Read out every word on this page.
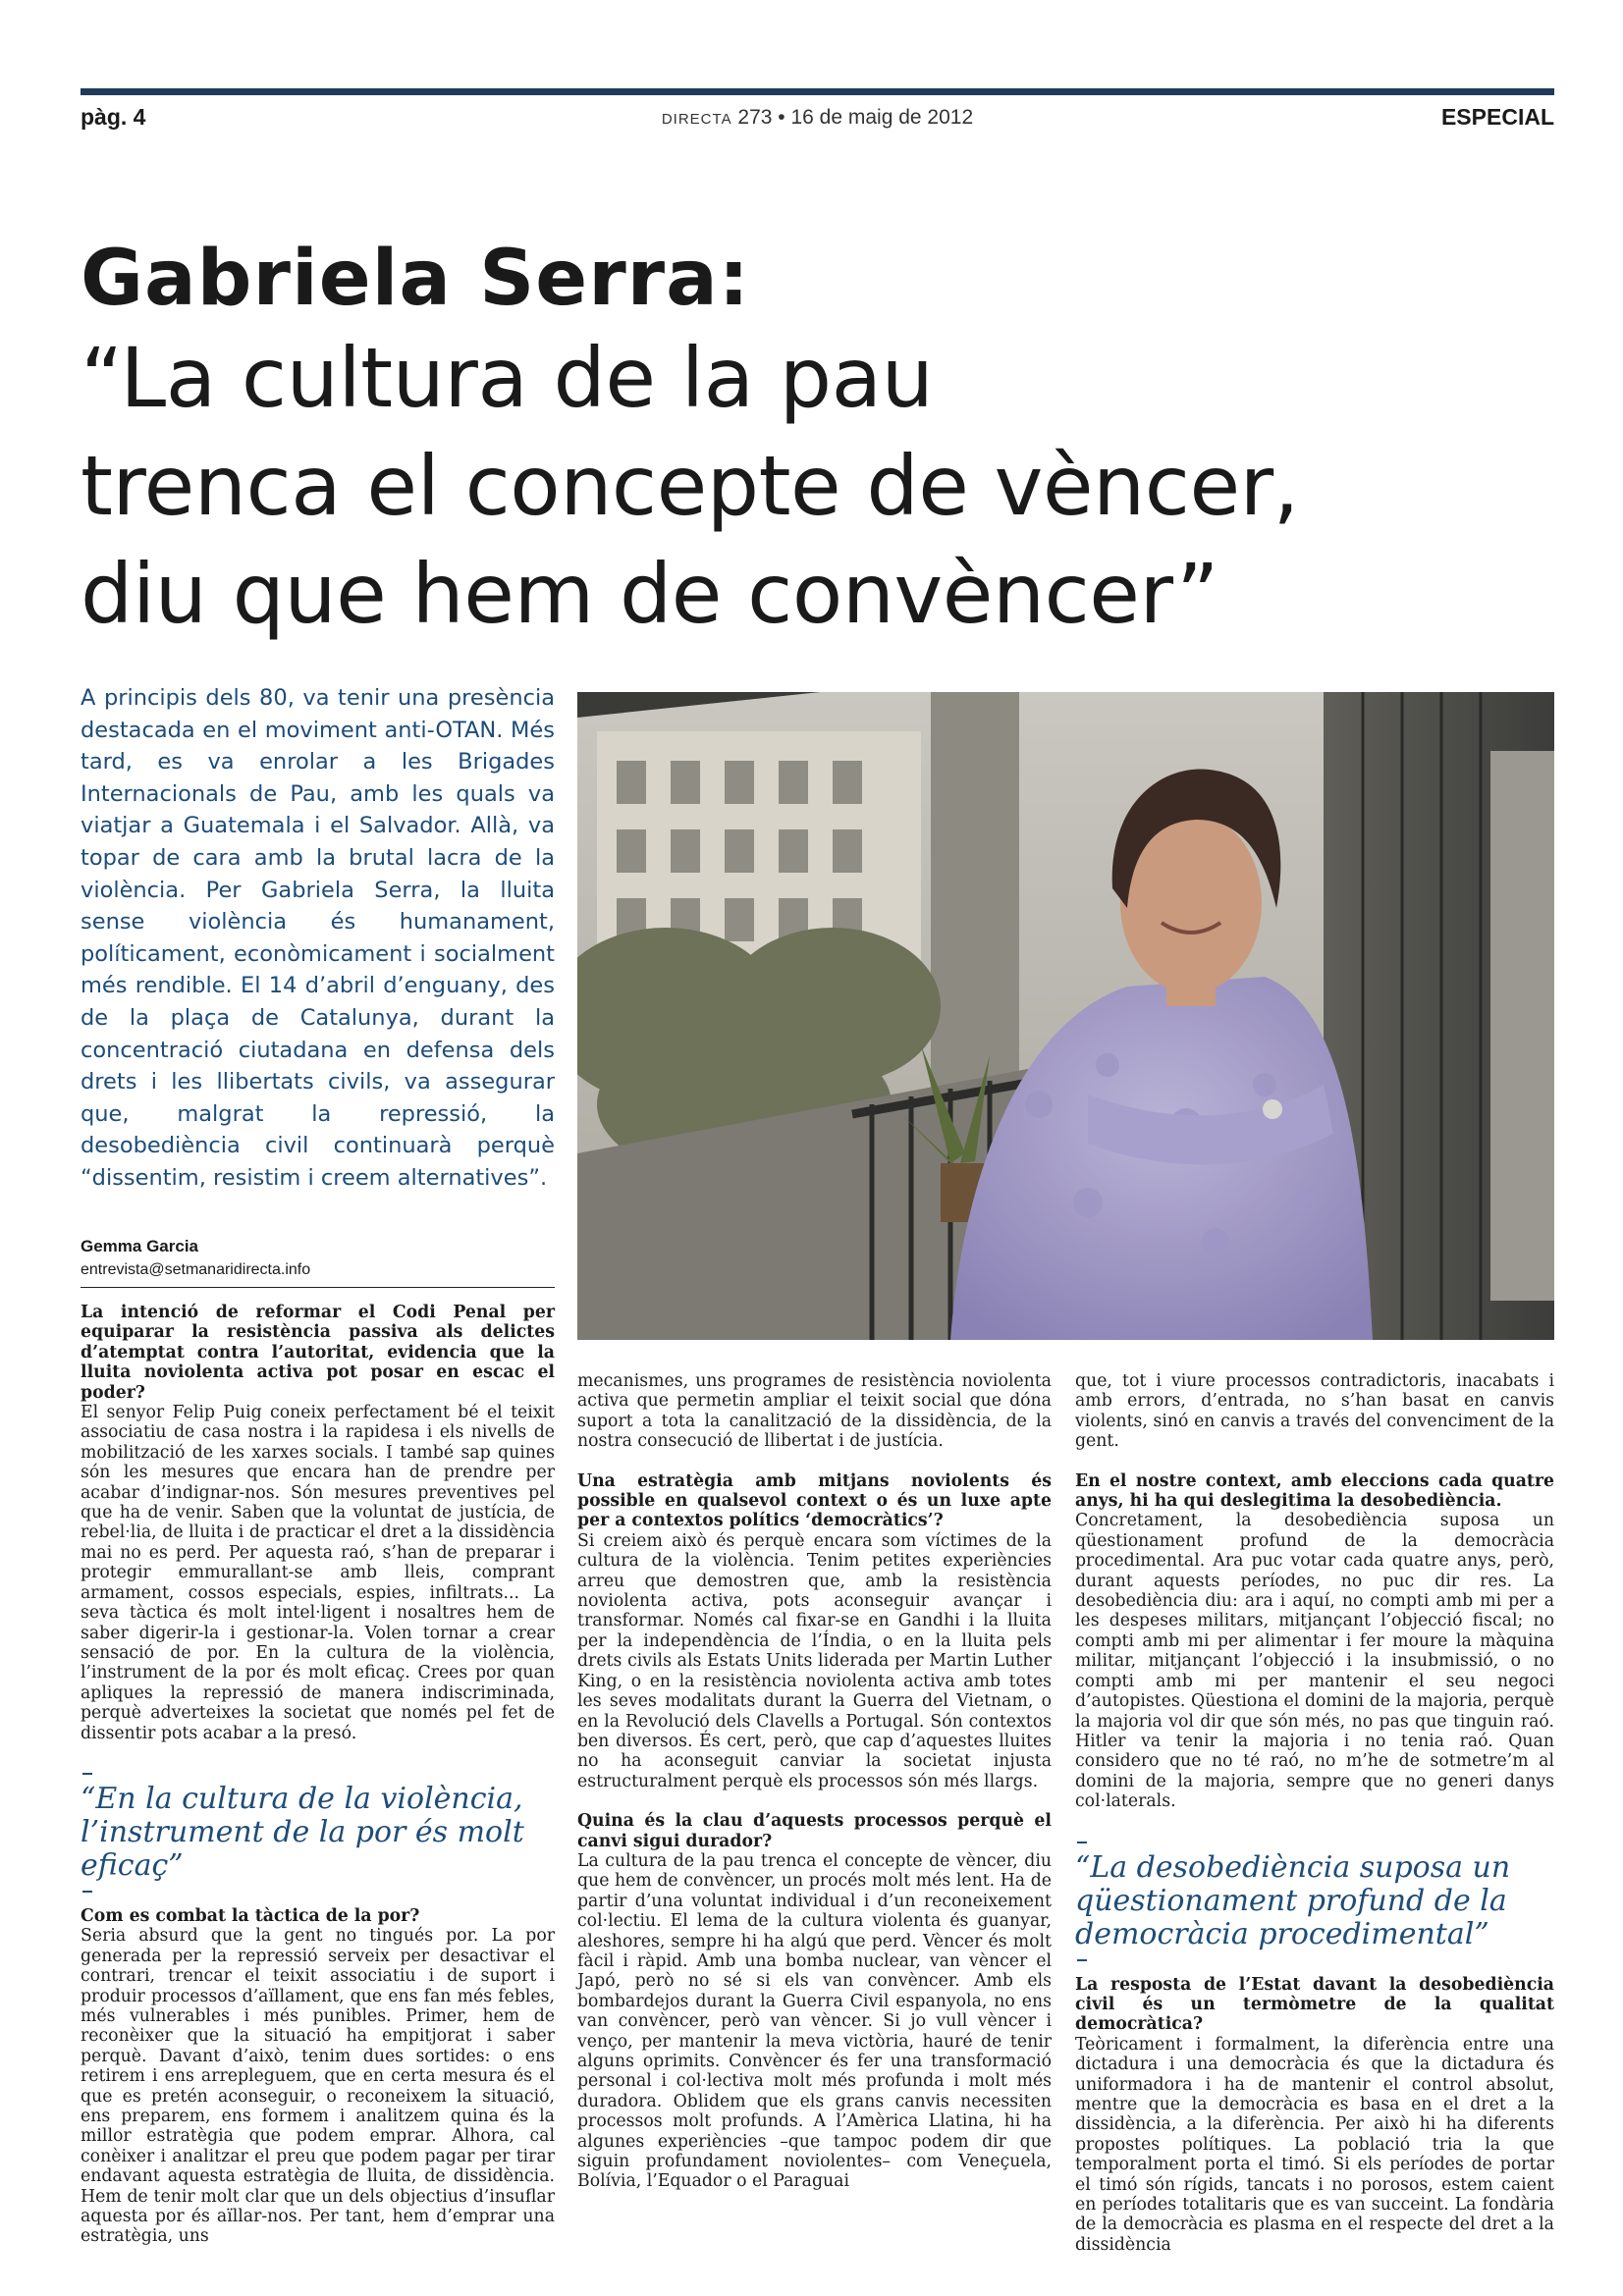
pàg. 4	DIRECTA 273 • 16 de maig de 2012	ESPECIAL
Gabriela Serra:
“La cultura de la pau
trenca el concepte de vèncer,
diu que hem de convèncer”
A principis dels 80, va tenir una presència destacada en el moviment anti-OTAN. Més tard, es va enrolar a les Brigades Internacionals de Pau, amb les quals va viatjar a Guatemala i el Salvador. Allà, va topar de cara amb la brutal lacra de la violència. Per Gabriela Serra, la lluita sense violència és humanament, políticament, econòmicament i socialment més rendible. El 14 d’abril d’enguany, des de la plaça de Catalunya, durant la concentració ciutadana en defensa dels drets i les llibertats civils, va assegurar que, malgrat la repressió, la desobediència civil continuarà perquè “dissentim, resistim i creem alternatives”.
Gemma Garcia
entrevista@setmanaridirecta.info

La intenció de reformar el Codi Penal per equiparar la resistència passiva als delictes d’atemptat contra l’autoritat, evidencia que la lluita noviolenta activa pot posar en escac el poder?

El senyor Felip Puig coneix perfectament bé el teixit associatiu de casa nostra i la rapidesa i els nivells de mobilització de les xarxes socials. I també sap quines són les mesures que encara han de prendre per acabar d’indignar-nos. Són mesures preventives pel que ha de venir. Saben que la voluntat de justícia, de rebel·lia, de lluita i de practicar el dret a la dissidència mai no es perd. Per aquesta raó, s’han de preparar i protegir emmurallant-se amb lleis, comprant armament, cossos especials, espies, infiltrats... La seva tàctica és molt intel·ligent i nosaltres hem de saber digerir-la i gestionar-la. Volen tornar a crear sensació de por. En la cultura de la violència, l’instrument de la por és molt eficaç. Crees por quan apliques la repressió de manera indiscriminada, perquè adverteixes la societat que només pel fet de dissentir pots acabar a la presó.

“En la cultura de la violència, l’instrument de la por és molt eficaç”

Com es combat la tàctica de la por?

Seria absurd que la gent no tingués por. La por generada per la repressió serveix per desactivar el contrari, trencar el teixit associatiu i de suport i produir processos d’aïllament, que ens fan més febles, més vulnerables i més punibles. Primer, hem de reconèixer que la situació ha empitjorat i saber perquè. Davant d’això, tenim dues sortides: o ens retirem i ens arrepleguem, que en certa mesura és el que es pretén aconseguir, o reconeixem la situació, ens preparem, ens formem i analitzem quina és la millor estratègia que podem emprar. Alhora, cal conèixer i analitzar el preu que podem pagar per tirar endavant aquesta estratègia de lluita, de dissidència. Hem de tenir molt clar que un dels objectius d’insuflar aquesta por és aïllar-nos. Per tant, hem d’emprar una estratègia, uns

mecanismes, uns programes de resistència noviolenta activa que permetin ampliar el teixit social que dóna suport a tota la canalització de la dissidència, de la nostra consecució de llibertat i de justícia.

Una estratègia amb mitjans noviolents és possible en qualsevol context o és un luxe apte per a contextos polítics ‘democràtics’?

Si creiem això és perquè encara som víctimes de la cultura de la violència. Tenim petites experiències arreu que demostren que, amb la resistència noviolenta activa, pots aconseguir avançar i transformar. Només cal fixar-se en Gandhi i la lluita per la independència de l’Índia, o en la lluita pels drets civils als Estats Units liderada per Martin Luther King, o en la resistència noviolenta activa amb totes les seves modalitats durant la Guerra del Vietnam, o en la Revolució dels Clavells a Portugal. Són contextos ben diversos. És cert, però, que cap d’aquestes lluites no ha aconseguit canviar la societat injusta estructuralment perquè els processos són més llargs.

Quina és la clau d’aquests processos perquè el canvi sigui durador?

La cultura de la pau trenca el concepte de vèncer, diu que hem de convèncer, un procés molt més lent. Ha de partir d’una voluntat individual i d’un reconeixement col·lectiu. El lema de la cultura violenta és guanyar, aleshores, sempre hi ha algú que perd. Vèncer és molt fàcil i ràpid. Amb una bomba nuclear, van vèncer el Japó, però no sé si els van convèncer. Amb els bombardejos durant la Guerra Civil espanyola, no ens van convèncer, però van vèncer. Si jo vull vèncer i venço, per mantenir la meva victòria, hauré de tenir alguns oprimits. Convèncer és fer una transformació personal i col·lectiva molt més profunda i molt més duradora. Oblidem que els grans canvis necessiten processos molt profunds. A l’Amèrica Llatina, hi ha algunes experiències –que tampoc podem dir que siguin profundament noviolentes– com Veneçuela, Bolívia, l’Equador o el Paraguai

que, tot i viure processos contradictoris, inacabats i amb errors, d’entrada, no s’han basat en canvis violents, sinó en canvis a través del convenciment de la gent.

En el nostre context, amb eleccions cada quatre anys, hi ha qui deslegitima la desobediència.

Concretament, la desobediència suposa un qüestionament profund de la democràcia procedimental. Ara puc votar cada quatre anys, però, durant aquests períodes, no puc dir res. La desobediència diu: ara i aquí, no compti amb mi per a les despeses militars, mitjançant l’objecció fiscal; no compti amb mi per alimentar i fer moure la màquina militar, mitjançant l’objecció i la insubmissió, o no compti amb mi per mantenir el seu negoci d’autopistes. Qüestiona el domini de la majoria, perquè la majoria vol dir que són més, no pas que tinguin raó. Hitler va tenir la majoria i no tenia raó. Quan considero que no té raó, no m’he de sotmetre’m al domini de la majoria, sempre que no generi danys col·laterals.

“La desobediència suposa un qüestionament profund de la democràcia procedimental”

La resposta de l’Estat davant la desobediència civil és un termòmetre de la qualitat democràtica?

Teòricament i formalment, la diferència entre una dictadura i una democràcia és que la dictadura és uniformadora i ha de mantenir el control absolut, mentre que la democràcia es basa en el dret a la dissidència, a la diferència. Per això hi ha diferents propostes polítiques. La població tria la que temporalment porta el timó. Si els períodes de portar el timó són rígids, tancats i no porosos, estem caient en períodes totalitaris que es van succeint. La fondària de la democràcia es plasma en el respecte del dret a la dissidència
